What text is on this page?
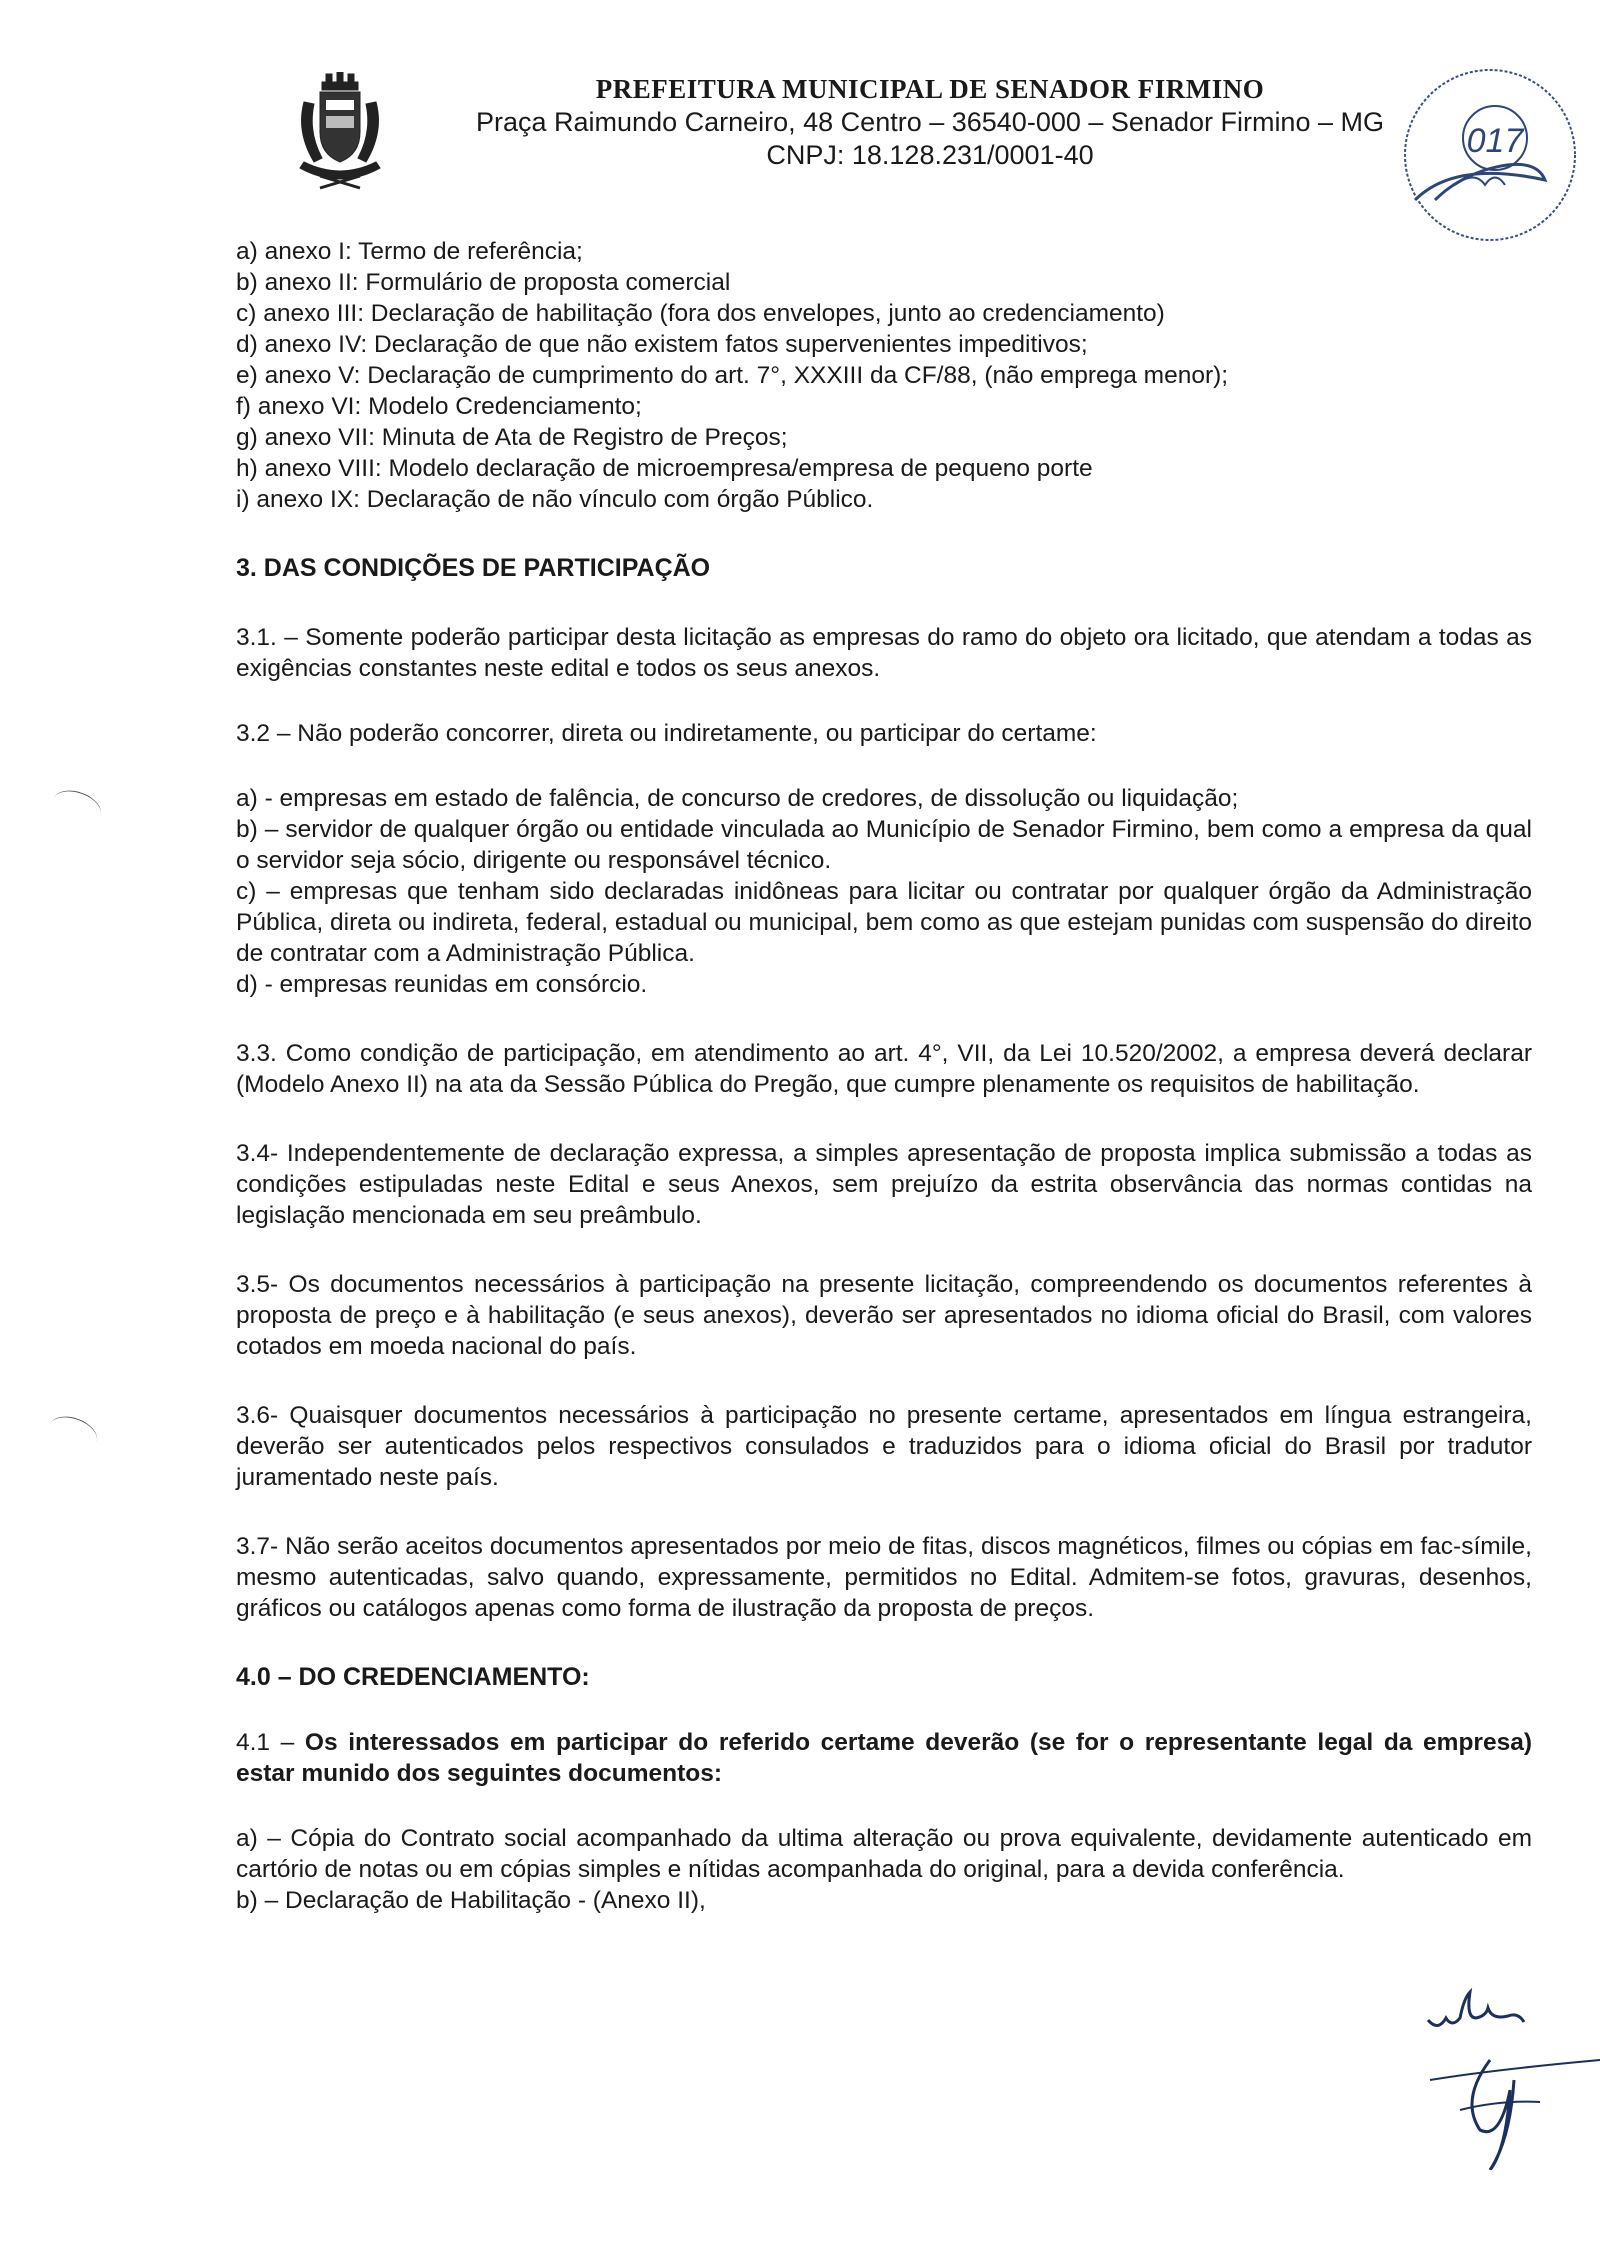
PREFEITURA MUNICIPAL DE SENADOR FIRMINO
Praça Raimundo Carneiro, 48 Centro – 36540-000 – Senador Firmino – MG
CNPJ: 18.128.231/0001-40	017

a) anexo I: Termo de referência;

b) anexo II: Formulário de proposta comercial

c) anexo III: Declaração de habilitação (fora dos envelopes, junto ao credenciamento)

d) anexo IV: Declaração de que não existem fatos supervenientes impeditivos;

e) anexo V: Declaração de cumprimento do art. 7°, XXXIII da CF/88, (não emprega menor);

f) anexo VI: Modelo Credenciamento;

g) anexo VII: Minuta de Ata de Registro de Preços;

h) anexo VIII: Modelo declaração de microempresa/empresa de pequeno porte

i) anexo IX: Declaração de não vínculo com órgão Público.

3. DAS CONDIÇÕES DE PARTICIPAÇÃO

3.1. – Somente poderão participar desta licitação as empresas do ramo do objeto ora licitado, que atendam a todas as exigências constantes neste edital e todos os seus anexos.

3.2 – Não poderão concorrer, direta ou indiretamente, ou participar do certame:

a) - empresas em estado de falência, de concurso de credores, de dissolução ou liquidação;

b) – servidor de qualquer órgão ou entidade vinculada ao Município de Senador Firmino, bem como a empresa da qual o servidor seja sócio, dirigente ou responsável técnico.

c) – empresas que tenham sido declaradas inidôneas para licitar ou contratar por qualquer órgão da Administração Pública, direta ou indireta, federal, estadual ou municipal, bem como as que estejam punidas com suspensão do direito de contratar com a Administração Pública.

d) - empresas reunidas em consórcio.

3.3. Como condição de participação, em atendimento ao art. 4°, VII, da Lei 10.520/2002, a empresa deverá declarar (Modelo Anexo II) na ata da Sessão Pública do Pregão, que cumpre plenamente os requisitos de habilitação.

3.4- Independentemente de declaração expressa, a simples apresentação de proposta implica submissão a todas as condições estipuladas neste Edital e seus Anexos, sem prejuízo da estrita observância das normas contidas na legislação mencionada em seu preâmbulo.

3.5- Os documentos necessários à participação na presente licitação, compreendendo os documentos referentes à proposta de preço e à habilitação (e seus anexos), deverão ser apresentados no idioma oficial do Brasil, com valores cotados em moeda nacional do país.

3.6- Quaisquer documentos necessários à participação no presente certame, apresentados em língua estrangeira, deverão ser autenticados pelos respectivos consulados e traduzidos para o idioma oficial do Brasil por tradutor juramentado neste país.

3.7- Não serão aceitos documentos apresentados por meio de fitas, discos magnéticos, filmes ou cópias em fac-símile, mesmo autenticadas, salvo quando, expressamente, permitidos no Edital. Admitem-se fotos, gravuras, desenhos, gráficos ou catálogos apenas como forma de ilustração da proposta de preços.

4.0 – DO CREDENCIAMENTO:

4.1 – Os interessados em participar do referido certame deverão (se for o representante legal da empresa) estar munido dos seguintes documentos:

a) – Cópia do Contrato social acompanhado da ultima alteração ou prova equivalente, devidamente autenticado em cartório de notas ou em cópias simples e nítidas acompanhada do original, para a devida conferência.

b) – Declaração de Habilitação - (Anexo II),
